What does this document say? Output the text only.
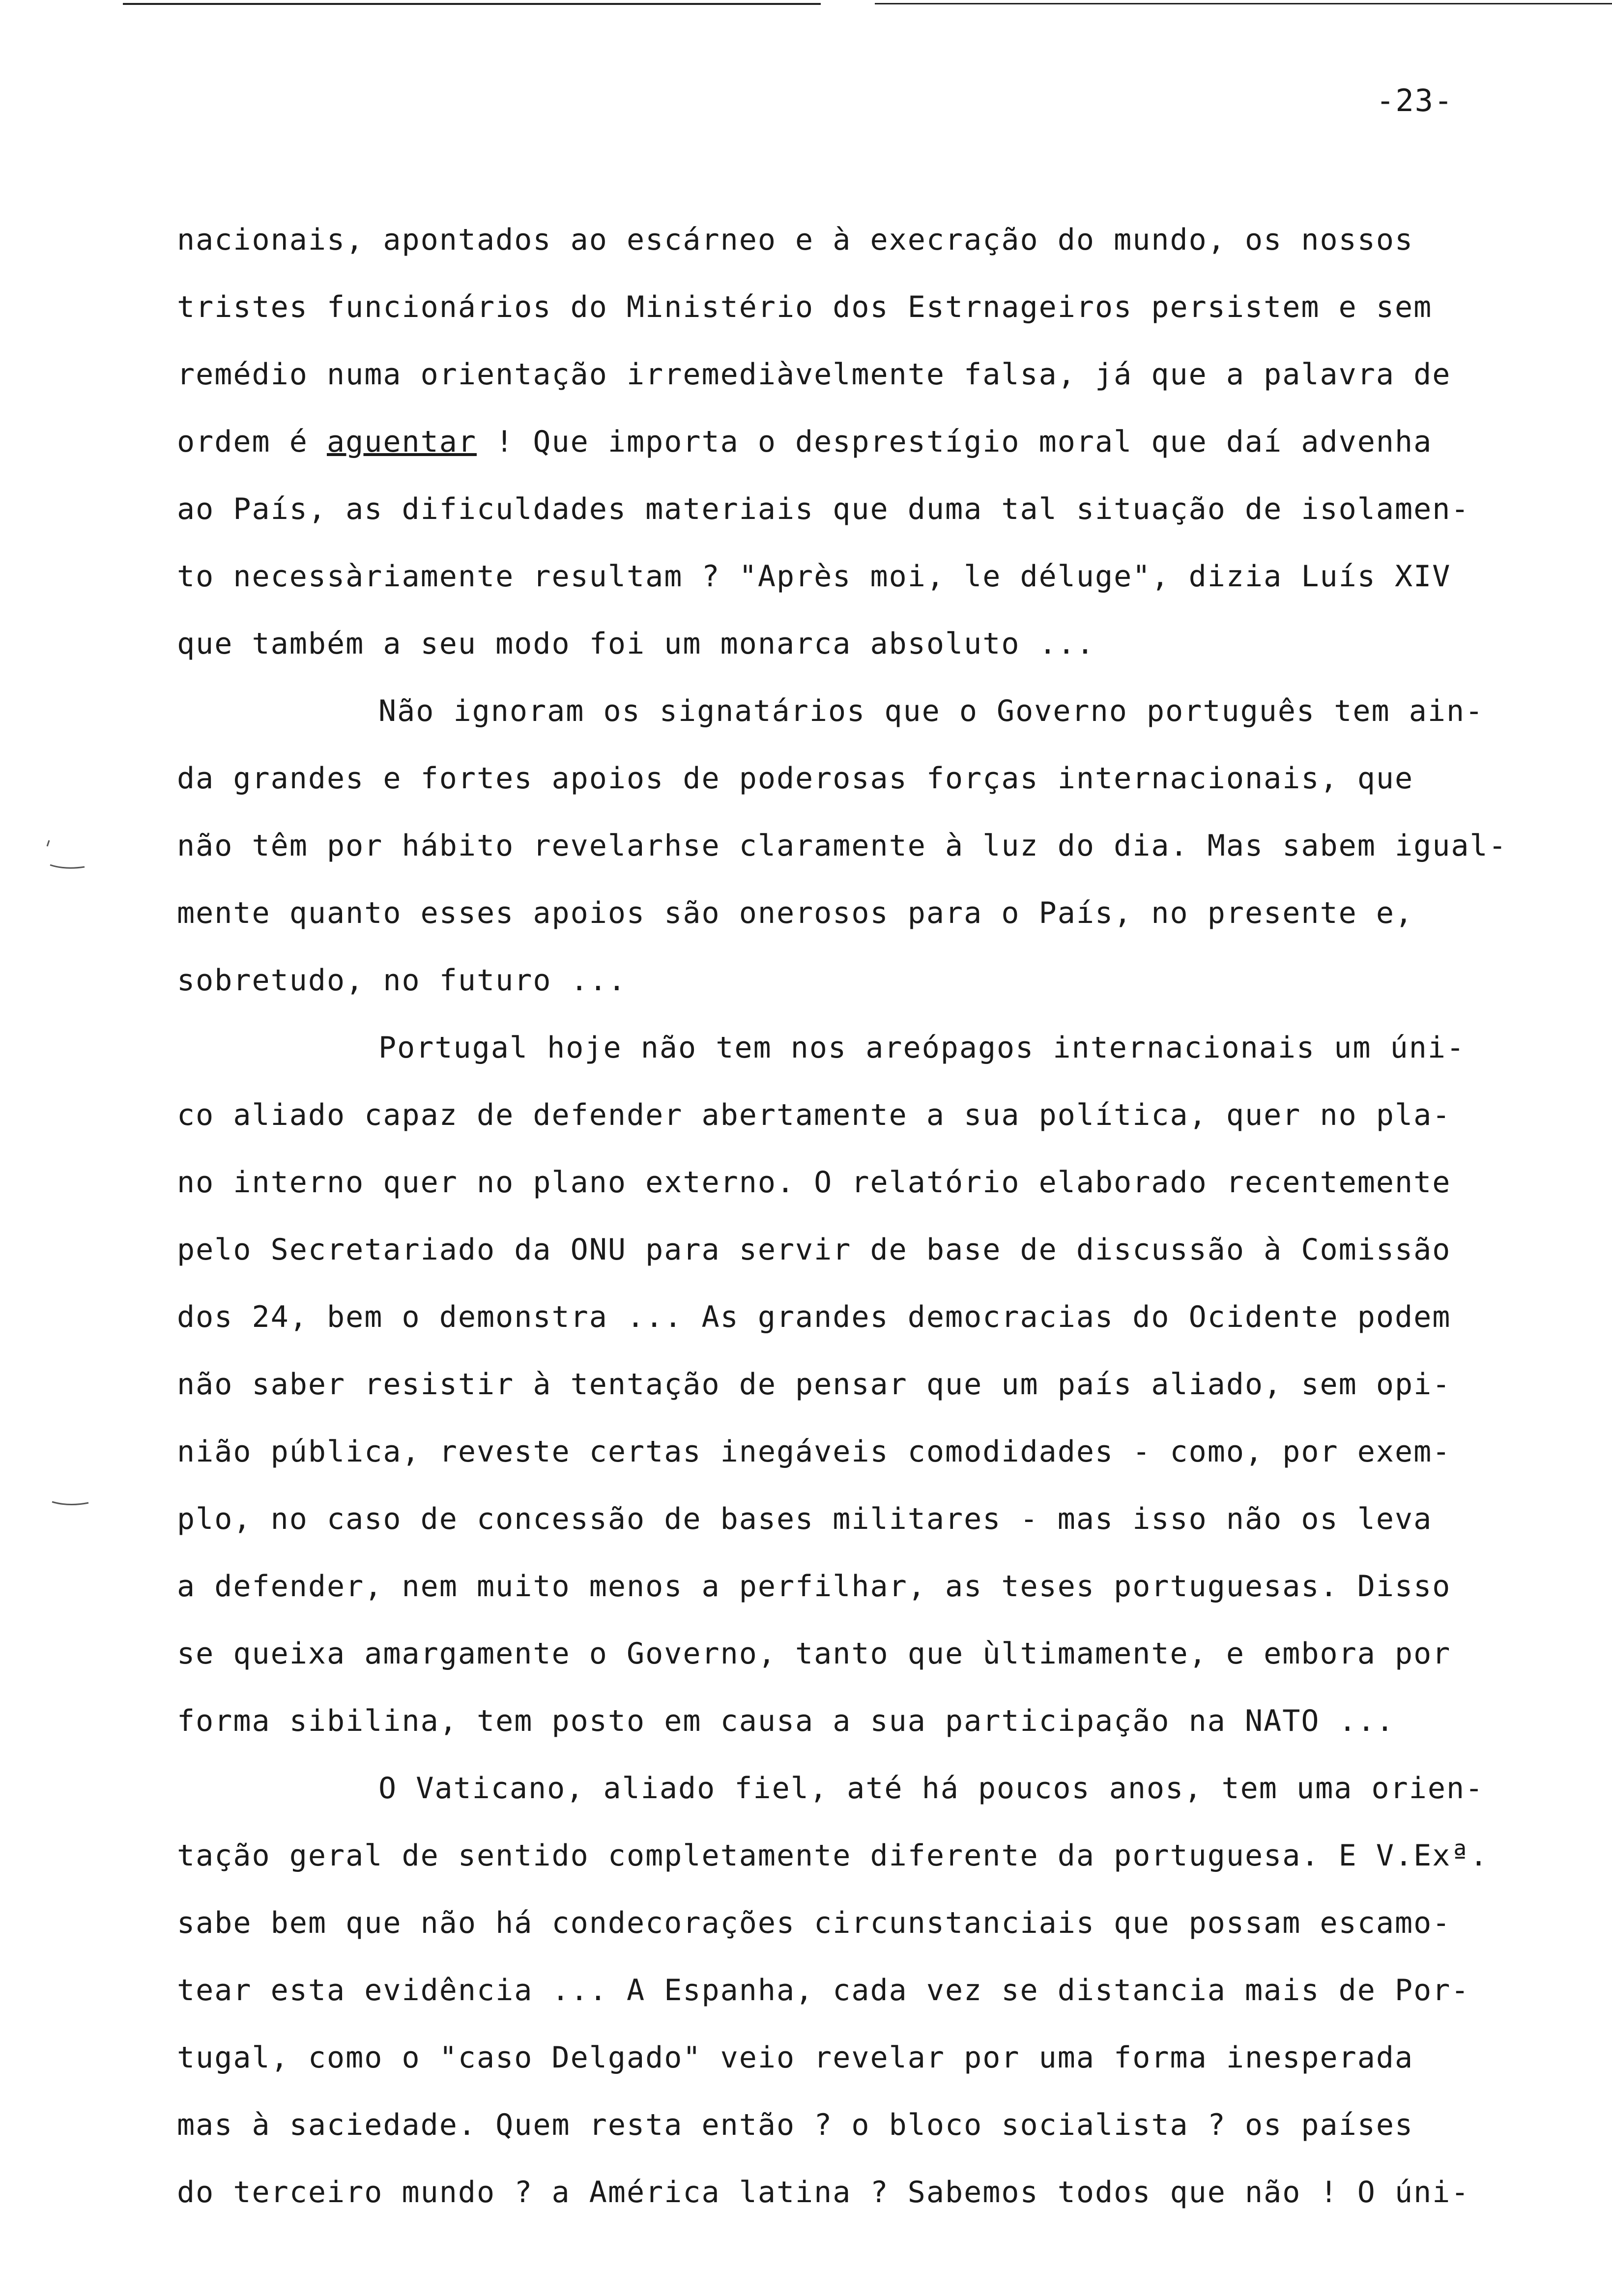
-23-
nacionais, apontados ao escárneo e à execração do mundo, os nossos
tristes funcionários do Ministério dos Estrnageiros persistem e sem
remédio numa orientação irremediàvelmente falsa, já que a palavra de
ordem é aguentar ! Que importa o desprestígio moral que daí advenha
ao País, as dificuldades materiais que duma tal situação de isolamen-
to necessàriamente resultam ? "Après moi, le déluge", dizia Luís XIV
que também a seu modo foi um monarca absoluto ...
Não ignoram os signatários que o Governo português tem ain-
da grandes e fortes apoios de poderosas forças internacionais, que
não têm por hábito revelarhse claramente à luz do dia. Mas sabem igual-
mente quanto esses apoios são onerosos para o País, no presente e,
sobretudo, no futuro ...
Portugal hoje não tem nos areópagos internacionais um úni-
co aliado capaz de defender abertamente a sua política, quer no pla-
no interno quer no plano externo. O relatório elaborado recentemente
pelo Secretariado da ONU para servir de base de discussão à Comissão
dos 24, bem o demonstra ... As grandes democracias do Ocidente podem
não saber resistir à tentação de pensar que um país aliado, sem opi-
nião pública, reveste certas inegáveis comodidades - como, por exem-
plo, no caso de concessão de bases militares - mas isso não os leva
a defender, nem muito menos a perfilhar, as teses portuguesas. Disso
se queixa amargamente o Governo, tanto que ùltimamente, e embora por
forma sibilina, tem posto em causa a sua participação na NATO ...
O Vaticano, aliado fiel, até há poucos anos, tem uma orien-
tação geral de sentido completamente diferente da portuguesa. E V.Exª.
sabe bem que não há condecorações circunstanciais que possam escamo-
tear esta evidência ... A Espanha, cada vez se distancia mais de Por-
tugal, como o "caso Delgado" veio revelar por uma forma inesperada
mas à saciedade. Quem resta então ? o bloco socialista ? os países
do terceiro mundo ? a América latina ? Sabemos todos que não ! O úni-
